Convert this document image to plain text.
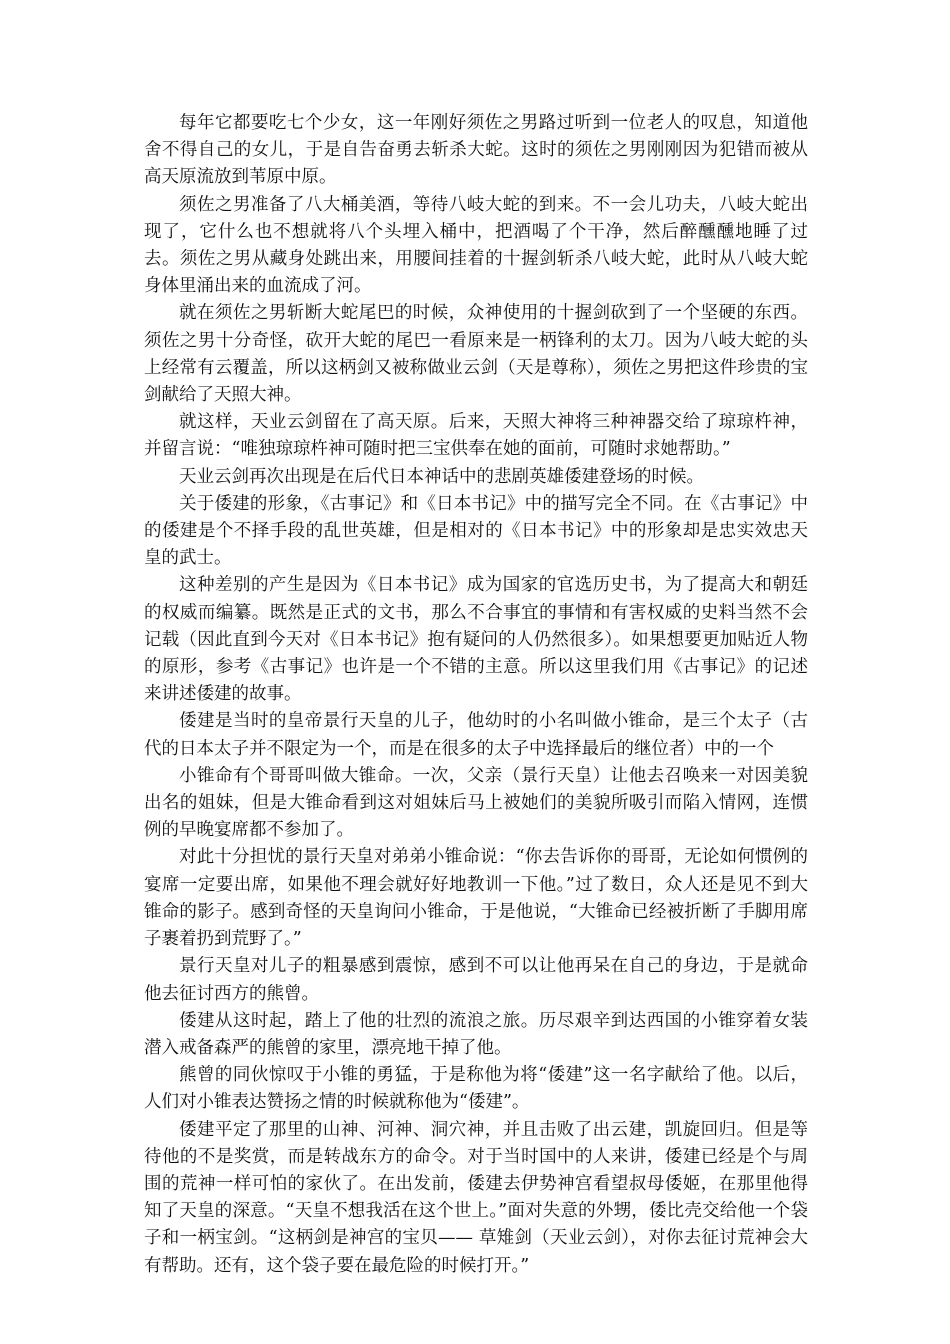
每年它都要吃七个少女，这一年刚好须佐之男路过听到一位老人的叹息，知道他舍不得自己的女儿，于是自告奋勇去斩杀大蛇。这时的须佐之男刚刚因为犯错而被从高天原流放到苇原中原。

须佐之男准备了八大桶美酒，等待八岐大蛇的到来。不一会儿功夫，八岐大蛇出现了，它什么也不想就将八个头埋入桶中，把酒喝了个干净，然后醉醺醺地睡了过去。须佐之男从藏身处跳出来，用腰间挂着的十握剑斩杀八岐大蛇，此时从八岐大蛇身体里涌出来的血流成了河。

就在须佐之男斩断大蛇尾巴的时候，众神使用的十握剑砍到了一个坚硬的东西。须佐之男十分奇怪，砍开大蛇的尾巴一看原来是一柄锋利的太刀。因为八岐大蛇的头上经常有云覆盖，所以这柄剑又被称做业云剑（天是尊称），须佐之男把这件珍贵的宝剑献给了天照大神。

就这样，天业云剑留在了高天原。后来，天照大神将三种神器交给了琼琼杵神，并留言说：“唯独琼琼杵神可随时把三宝供奉在她的面前，可随时求她帮助。”

天业云剑再次出现是在后代日本神话中的悲剧英雄倭建登场的时候。

关于倭建的形象，《古事记》和《日本书记》中的描写完全不同。在《古事记》中的倭建是个不择手段的乱世英雄，但是相对的《日本书记》中的形象却是忠实效忠天皇的武士。

这种差别的产生是因为《日本书记》成为国家的官选历史书，为了提高大和朝廷的权威而编纂。既然是正式的文书，那么不合事宜的事情和有害权威的史料当然不会记载（因此直到今天对《日本书记》抱有疑问的人仍然很多）。如果想要更加贴近人物的原形，参考《古事记》也许是一个不错的主意。所以这里我们用《古事记》的记述来讲述倭建的故事。

倭建是当时的皇帝景行天皇的儿子，他幼时的小名叫做小锥命，是三个太子（古代的日本太子并不限定为一个，而是在很多的太子中选择最后的继位者）中的一个

小锥命有个哥哥叫做大锥命。一次，父亲（景行天皇）让他去召唤来一对因美貌出名的姐妹，但是大锥命看到这对姐妹后马上被她们的美貌所吸引而陷入情网，连惯例的早晚宴席都不参加了。

对此十分担忧的景行天皇对弟弟小锥命说：“你去告诉你的哥哥，无论如何惯例的宴席一定要出席，如果他不理会就好好地教训一下他。”过了数日，众人还是见不到大锥命的影子。感到奇怪的天皇询问小锥命，于是他说，“大锥命已经被折断了手脚用席子裹着扔到荒野了。”

景行天皇对儿子的粗暴感到震惊，感到不可以让他再呆在自己的身边，于是就命他去征讨西方的熊曾。

倭建从这时起，踏上了他的壮烈的流浪之旅。历尽艰辛到达西国的小锥穿着女装潜入戒备森严的熊曾的家里，漂亮地干掉了他。

熊曾的同伙惊叹于小锥的勇猛，于是称他为将“倭建”这一名字献给了他。以后，人们对小锥表达赞扬之情的时候就称他为“倭建”。

倭建平定了那里的山神、河神、洞穴神，并且击败了出云建，凯旋回归。但是等待他的不是奖赏，而是转战东方的命令。对于当时国中的人来讲，倭建已经是个与周围的荒神一样可怕的家伙了。在出发前，倭建去伊势神宫看望叔母倭姬，在那里他得知了天皇的深意。“天皇不想我活在这个世上。”面对失意的外甥，倭比壳交给他一个袋子和一柄宝剑。“这柄剑是神宫的宝贝—— 草雉剑（天业云剑），对你去征讨荒神会大有帮助。还有，这个袋子要在最危险的时候打开。”
